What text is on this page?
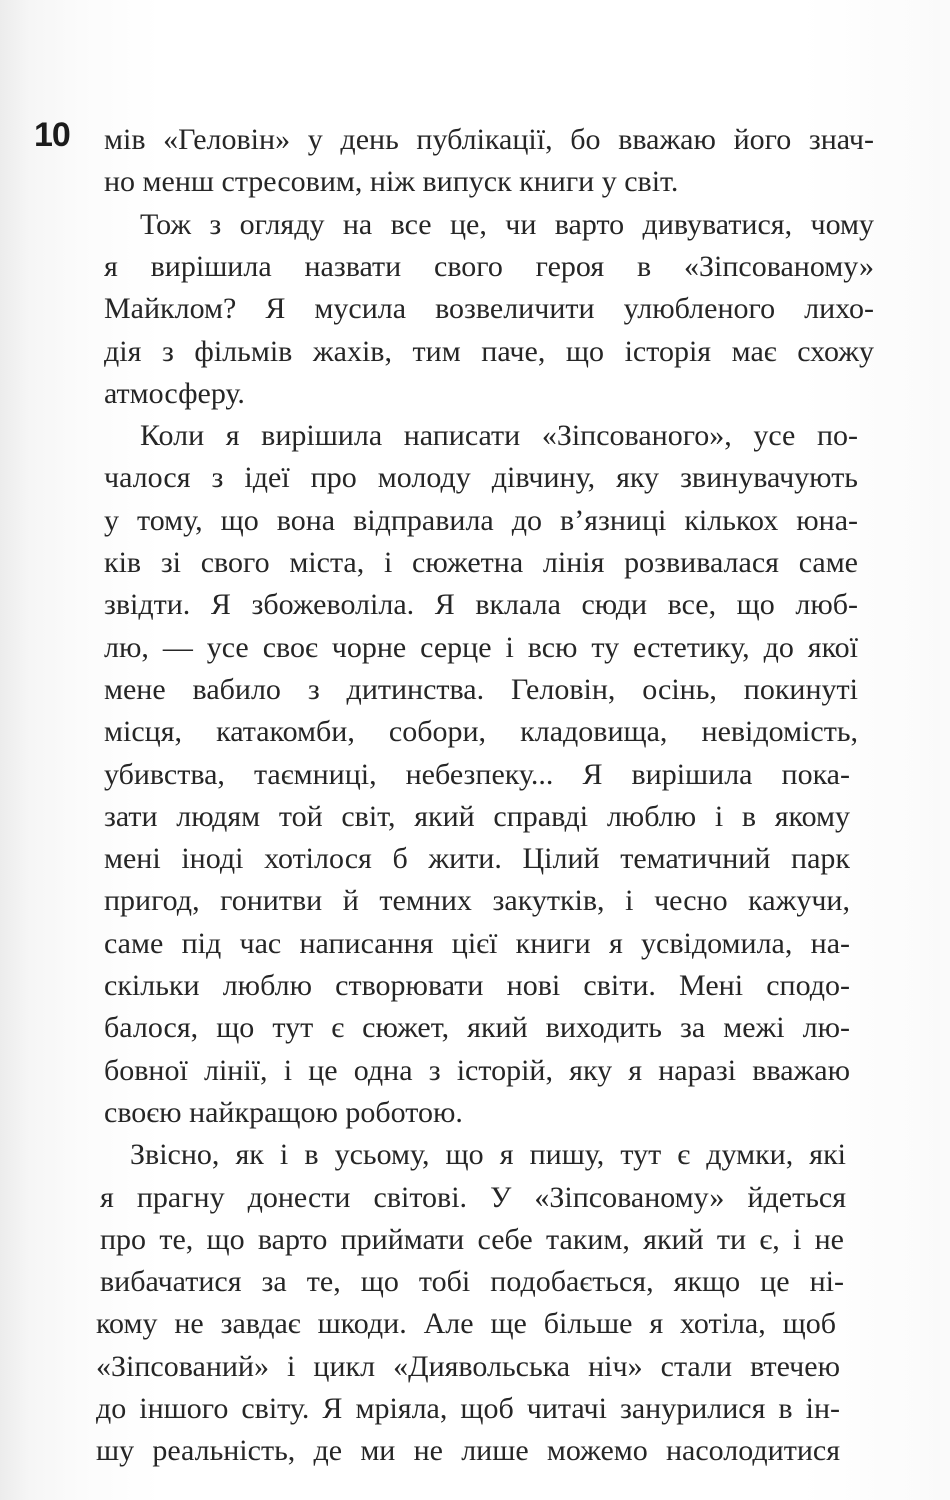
10 мів «Геловін» у день публікації, бо вважаю його знач-
но менш стресовим, ніж випуск книги у світ.
Тож з огляду на все це, чи варто дивуватися, чому
я вирішила назвати свого героя в «Зіпсованому»
Майклом? Я мусила возвеличити улюбленого лихо-
дія з фільмів жахів, тим паче, що історія має схожу
атмосферу.
Коли я вирішила написати «Зіпсованого», усе по-
чалося з ідеї про молоду дівчину, яку звинувачують
у тому, що вона відправила до в’язниці кількох юна-
ків зі свого міста, і сюжетна лінія розвивалася саме
звідти. Я збожеволіла. Я вклала сюди все, що люб-
лю, — усе своє чорне серце і всю ту естетику, до якої
мене вабило з дитинства. Геловін, осінь, покинуті
місця, катакомби, собори, кладовища, невідомість,
убивства, таємниці, небезпеку... Я вирішила пока-
зати людям той світ, який справді люблю і в якому
мені іноді хотілося б жити. Цілий тематичний парк
пригод, гонитви й темних закутків, і чесно кажучи,
саме під час написання цієї книги я усвідомила, на-
скільки люблю створювати нові світи. Мені сподо-
балося, що тут є сюжет, який виходить за межі лю-
бовної лінії, і це одна з історій, яку я наразі вважаю
своєю найкращою роботою.
Звісно, як і в усьому, що я пишу, тут є думки, які
я прагну донести світові. У «Зіпсованому» йдеться
про те, що варто приймати себе таким, який ти є, і не
вибачатися за те, що тобі подобається, якщо це ні-
кому не завдає шкоди. Але ще більше я хотіла, щоб
«Зіпсований» і цикл «Диявольська ніч» стали втечею
до іншого світу. Я мріяла, щоб читачі занурилися в ін-
шу реальність, де ми не лише можемо насолодитися
